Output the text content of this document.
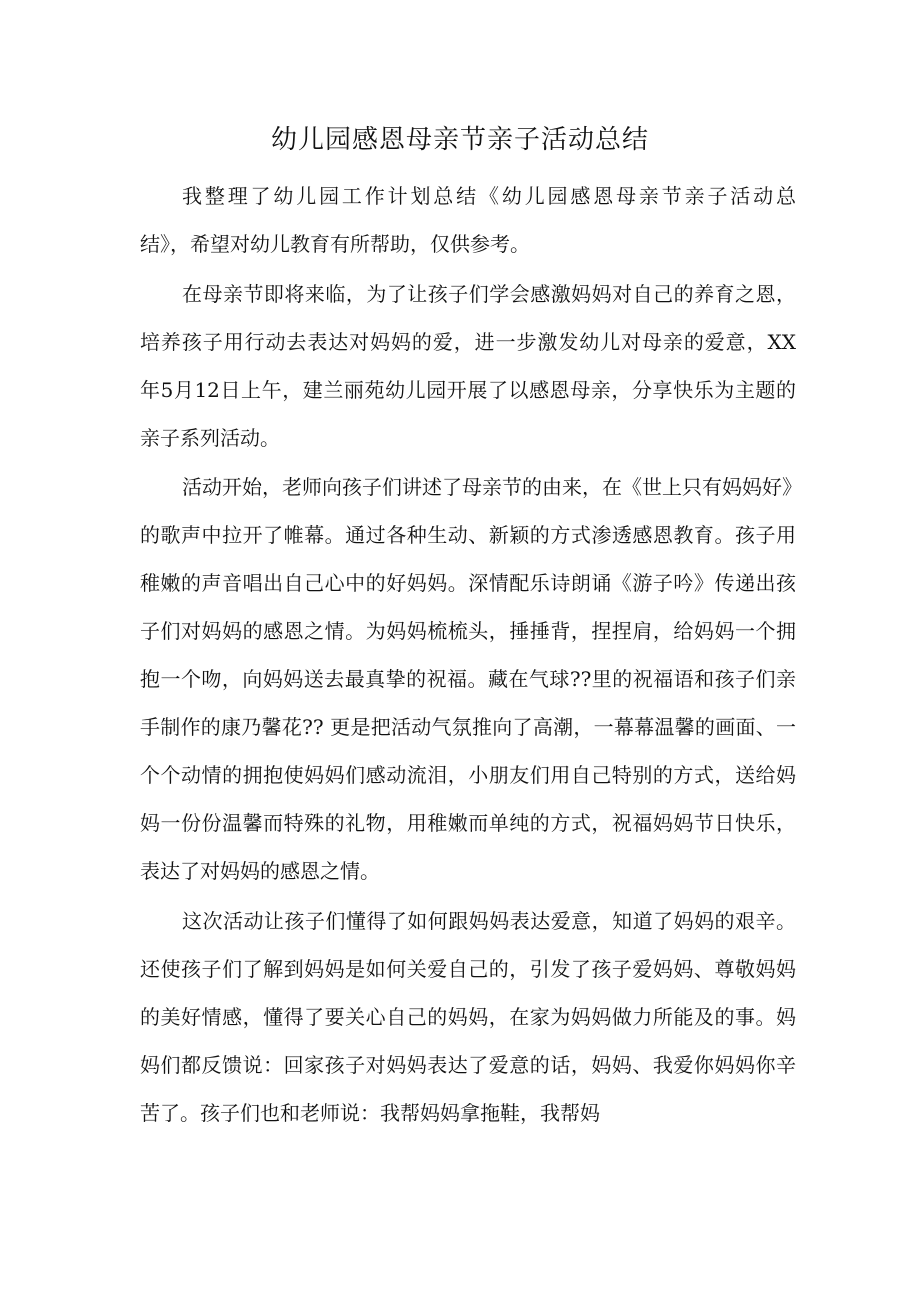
幼儿园感恩母亲节亲子活动总结
我整理了幼儿园工作计划总结《幼儿园感恩母亲节亲子活动总
结》，希望对幼儿教育有所帮助，仅供参考。
在母亲节即将来临，为了让孩子们学会感激妈妈对自己的养育之恩，
培养孩子用行动去表达对妈妈的爱，进一步激发幼儿对母亲的爱意，XX
年5月12日上午，建兰丽苑幼儿园开展了以感恩母亲，分享快乐为主题的
亲子系列活动。
活动开始，老师向孩子们讲述了母亲节的由来，在《世上只有妈妈好》
的歌声中拉开了帷幕。通过各种生动、新颖的方式渗透感恩教育。孩子用
稚嫩的声音唱出自己心中的好妈妈。深情配乐诗朗诵《游子吟》传递出孩
子们对妈妈的感恩之情。为妈妈梳梳头，捶捶背，捏捏肩，给妈妈一个拥
抱一个吻，向妈妈送去最真挚的祝福。藏在气球??里的祝福语和孩子们亲
手制作的康乃馨花?? 更是把活动气氛推向了高潮，一幕幕温馨的画面、一
个个动情的拥抱使妈妈们感动流泪，小朋友们用自己特别的方式，送给妈
妈一份份温馨而特殊的礼物，用稚嫩而单纯的方式，祝福妈妈节日快乐，
表达了对妈妈的感恩之情。
这次活动让孩子们懂得了如何跟妈妈表达爱意，知道了妈妈的艰辛。
还使孩子们了解到妈妈是如何关爱自己的，引发了孩子爱妈妈、尊敬妈妈
的美好情感，懂得了要关心自己的妈妈，在家为妈妈做力所能及的事。妈
妈们都反馈说：回家孩子对妈妈表达了爱意的话，妈妈、我爱你妈妈你辛
苦了。孩子们也和老师说：我帮妈妈拿拖鞋，我帮妈
